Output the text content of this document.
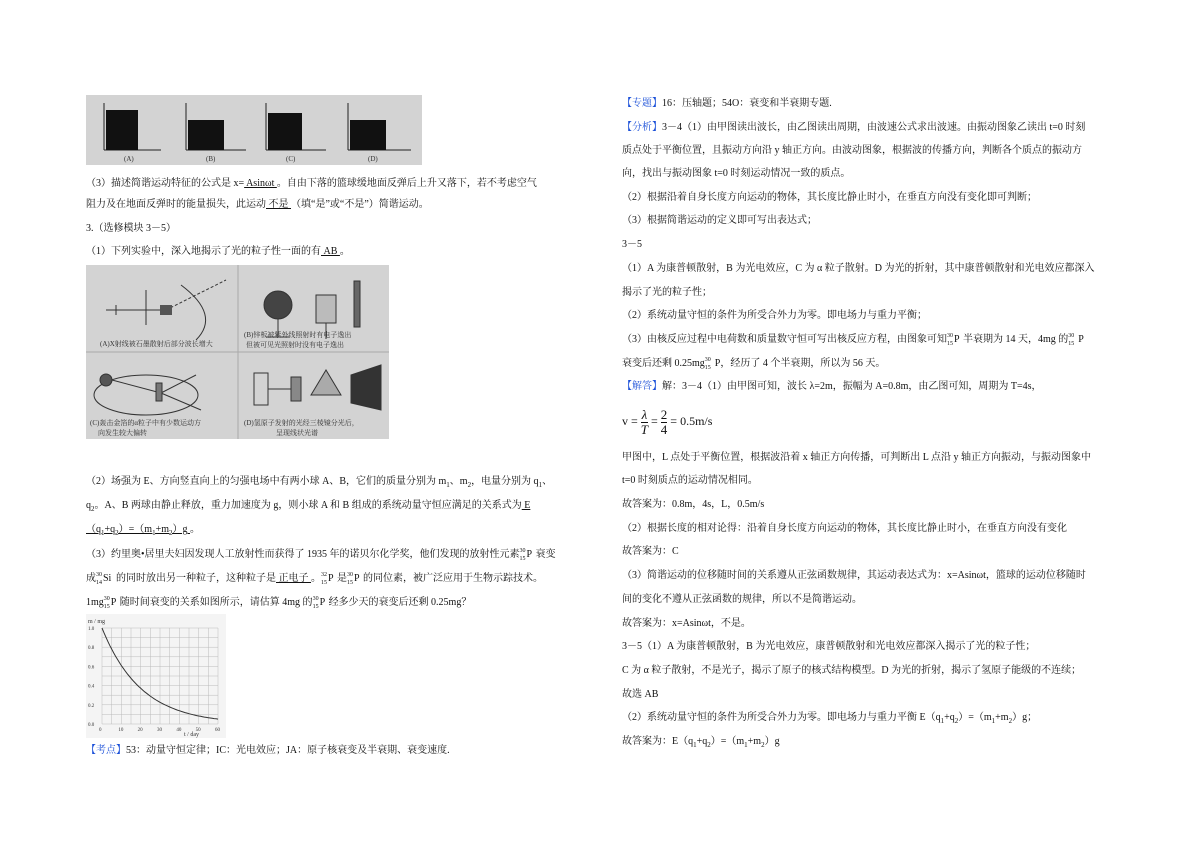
(A)	(B)	(C)	(D)
（3）描述简谐运动特征的公式是 x= Asinωt 。自由下落的篮球缓地面反弹后上升又落下，若不考虑空气
阻力及在地面反弹时的能量损失，此运动 不是 （填“是”或“不是”）简谐运动。
3.（选修模块 3－5）
（1）下列实验中，深入地揭示了光的粒子性一面的有 AB 。
(A)X射线被石墨散射后部分波长增大
(B)锌板被紫外线照射时有电子逸出
但被可见光照射时没有电子逸出
(C)轰击金箔的α粒子中有少数运动方
向发生较大偏转
(D)氢原子发射的光经三棱镜分光后，
呈现线状光谱
（2）场强为 E、方向竖直向上的匀强电场中有两小球 A、B，它们的质量分别为 $m_1$、$m_2$，电量分别为 $q_1$、
$q_2$。A、B 两球由静止释放，重力加速度为 g，则小球 A 和 B 组成的系统动量守恒应满足的关系式为 E
$(q_1+q_2)=(m_1+m_2)g$ 。
（3）约里奥•居里夫妇因发现人工放射性而获得了 1935 年的诺贝尔化学奖，他们发现的放射性元素 30
15 P 衰变
成 30
14 Si 的同时放出另一种粒子，这种粒子是 正电子 。 32
15 P 是 30
15 P 的同位素，被广泛应用于生物示踪技术。
1mg 30
15 P 随时间衰变的关系如图所示，请估算 4mg 的 30
15 P 经多少天的衰变后还剩 0.25mg？
1.0
0.8
0.6
0.4
0.2
0.0
0	10	20	30	40	50	60
m / mg
t / day
【考点】53：动量守恒定律；IC：光电效应；JA：原子核衰变及半衰期、衰变速度.
【专题】16：压轴题；54O：衰变和半衰期专题.
【分析】3－4（1）由甲图读出波长，由乙图读出周期，由波速公式求出波速。由振动图象乙读出 t=0 时刻
质点处于平衡位置，且振动方向沿 y 轴正方向。由波动图象，根据波的传播方向，判断各个质点的振动方
向，找出与振动图象 t=0 时刻运动情况一致的质点。
（2）根据沿着自身长度方向运动的物体，其长度比静止时小，在垂直方向没有变化即可判断；
（3）根据简谐运动的定义即可写出表达式；
3－5
（1）A 为康普顿散射，B 为光电效应，C 为 α 粒子散射。D 为光的折射，其中康普顿散射和光电效应都深入
揭示了光的粒子性；
（2）系统动量守恒的条件为所受合外力为零。即电场力与重力平衡；
（3）由核反应过程中电荷数和质量数守恒可写出核反应方程，由图象可知 30
15 P 半衰期为 14 天，4mg 的 30
15 P
衰变后还剩 0.25mg 30
15 P，经历了 4 个半衰期，所以为 56 天。
【解答】解：3－4（1）由甲图可知，波长 λ=2m，振幅为 A=0.8m，由乙图可知，周期为 T=4s，
$v = \frac{\lambda}{T} = \frac{2}{4} = 0.5m/s$
甲图中，L 点处于平衡位置，根据波沿着 x 轴正方向传播，可判断出 L 点沿 y 轴正方向振动，与振动图象中
t=0 时刻质点的运动情况相同。
故答案为：0.8m，4s，L，0.5m/s
（2）根据长度的相对论得：沿着自身长度方向运动的物体，其长度比静止时小，在垂直方向没有变化
故答案为：C
（3）简谐运动的位移随时间的关系遵从正弦函数规律，其运动表达式为：x=Asinωt，篮球的运动位移随时
间的变化不遵从正弦函数的规律，所以不是简谐运动。
故答案为：x=Asinωt，不是。
3－5（1）A 为康普顿散射，B 为光电效应，康普顿散射和光电效应都深入揭示了光的粒子性；
C 为 α 粒子散射，不是光子，揭示了原子的核式结构模型。D 为光的折射，揭示了氢原子能级的不连续；
故选 AB
（2）系统动量守恒的条件为所受合外力为零。即电场力与重力平衡 $E(q_1+q_2)=(m_1+m_2)g$；
故答案为：$E(q_1+q_2)=(m_1+m_2)g$
